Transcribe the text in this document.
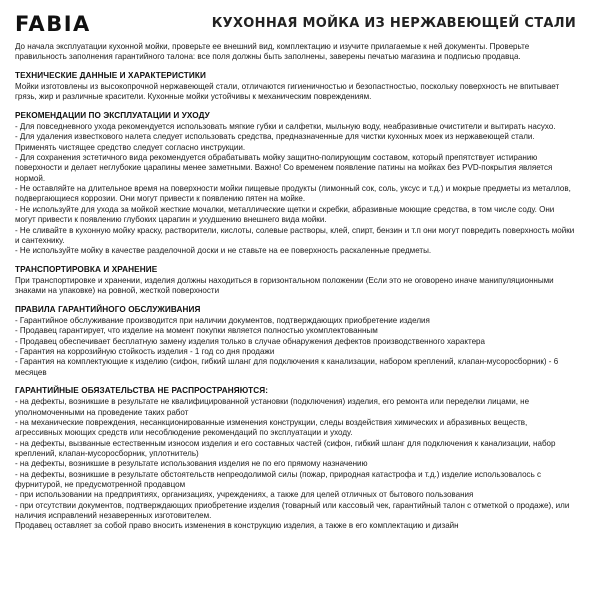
FABIA	КУХОННАЯ МОЙКА ИЗ НЕРЖАВЕЮЩЕЙ СТАЛИ

До начала эксплуатации кухонной мойки, проверьте ее внешний вид, комплектацию и изучите прилагаемые к ней документы. Проверьте правильность заполнения гарантийного талона: все поля должны быть заполнены, заверены печатью магазина и подписью продавца.

ТЕХНИЧЕСКИЕ ДАННЫЕ И ХАРАКТЕРИСТИКИ

Мойки изготовлены из высокопрочной нержавеющей стали, отличаются гигиеничностью и безопастностью, поскольку поверхность не впитывает грязь, жир и различные красители. Кухонные мойки устойчивы к механическим повреждениям.

РЕКОМЕНДАЦИИ ПО ЭКСПЛУАТАЦИИ И УХОДУ

- Для повседневного ухода рекомендуется использовать мягкие губки и салфетки, мыльную воду, неабразивные очистители и вытирать насухо.

- Для удаления известкового налета следует использовать средства, предназначенные для чистки кухонных моек из нержавеющей стали. Применять чистящее средство следует согласно инструкции.

- Для сохранения эстетичного вида рекомендуется обрабатывать мойку защитно-полирующим составом, который препятствует истиранию поверхности и делает неглубокие царапины менее заметными. Важно! Со временем появление патины на мойках без PVD-покрытия является нормой.

- Не оставляйте на длительное время на поверхности мойки пищевые продукты (лимонный сок, соль, уксус и т.д.) и мокрые предметы из металлов, подвергающиеся коррозии. Они могут привести к появлению пятен на мойке.

- Не используйте для ухода за мойкой жесткие мочалки, металлические щетки и скребки, абразивные моющие средства, в том числе соду. Они могут привести к появлению глубоких царапин и ухудшению внешнего вида мойки.

- Не сливайте в кухонную мойку краску, растворители, кислоты, солевые растворы, клей, спирт, бензин и т.п они могут повредить поверхность мойки и сантехнику.

- Не используйте мойку в качестве разделочной доски и не ставьте на ее поверхность раскаленные предметы.

ТРАНСПОРТИРОВКА И ХРАНЕНИЕ

При транспортировке и хранении, изделия должны находиться в горизонтальном положении (Если это не оговорено иначе манипуляционными знаками на упаковке) на ровной, жесткой поверхности

ПРАВИЛА ГАРАНТИЙНОГО ОБСЛУЖИВАНИЯ

- Гарантийное обслуживание производится при наличии документов, подтверждающих приобретение изделия

- Продавец гарантирует, что изделие на момент покупки является полностью укомплектованным

- Продавец обеспечивает бесплатную замену изделия только в случае обнаружения дефектов производственного характера

- Гарантия на коррозийную стойкость изделия - 1 год со дня продажи

- Гарантия на комплектующие к изделию (сифон, гибкий шланг для подключения к канализации, набором креплений, клапан-мусоросборник) - 6 месяцев

ГАРАНТИЙНЫЕ ОБЯЗАТЕЛЬСТВА НЕ РАСПРОСТРАНЯЮТСЯ:

- на дефекты, возникшие в результате не квалифицированной установки (подключения) изделия, его ремонта или переделки лицами, не уполномоченными на проведение таких работ

- на механические повреждения, несанкционированные изменения конструкции, следы воздействия химических и абразивных веществ, агрессивных моющих средств или несоблюдение рекомендаций по эксплуатации и уходу.

- на дефекты, вызванные естественным износом изделия и его составных частей (сифон, гибкий шланг для подключения к канализации, набор креплений, клапан-мусоросборник, уплотнитель)

- на дефекты, возникшие в результате использования изделия не по его прямому назначению

- на дефекты, возникшие в результате обстоятельств непреодолимой силы (пожар, природная катастрофа и т.д.) изделие использовалось с фурнитурой, не предусмотренной продавцом

- при использовании на предприятиях, организациях, учреждениях, а также для целей отличных от бытового пользования

- при отсутствии документов, подтверждающих приобретение изделия (товарный или кассовый чек, гарантийный талон с отметкой о продаже), или наличия исправлений незаверенных изготовителем.

Продавец оставляет за собой право вносить изменения в конструкцию изделия, а также в его комплектацию и дизайн
